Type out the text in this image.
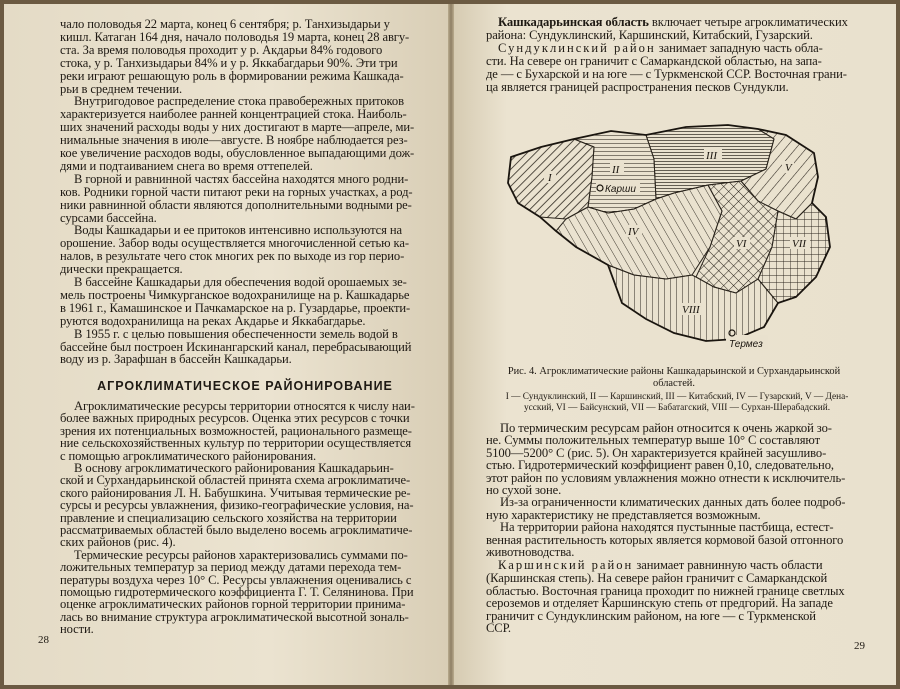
чало половодья 22 марта, конец 6 сентября; р. Танхизыдарьи у
кишл. Катаган 164 дня, начало половодья 19 марта, конец 28 авгу-
ста. За время половодья проходит у р. Акдарьи 84% годового
стока, у р. Танхизыдарьи 84% и у р. Яккабагдарьи 90%. Эти три
реки играют решающую роль в формировании режима Кашкада-
рьи в среднем течении.
Внутригодовое распределение стока правобережных притоков
характеризуется наиболее ранней концентрацией стока. Наиболь-
ших значений расходы воды у них достигают в марте—апреле, ми-
нимальные значения в июле—августе. В ноябре наблюдается рез-
кое увеличение расходов воды, обусловленное выпадающими дож-
дями и подтаиванием снега во время оттепелей.
В горной и равнинной частях бассейна находятся много родни-
ков. Родники горной части питают реки на горных участках, а род-
ники равнинной области являются дополнительными водными ре-
сурсами бассейна.
Воды Кашкадарьи и ее притоков интенсивно используются на
орошение. Забор воды осуществляется многочисленной сетью ка-
налов, в результате чего сток многих рек по выходе из гор перио-
дически прекращается.
В бассейне Кашкадарьи для обеспечения водой орошаемых зе-
мель построены Чимкурганское водохранилище на р. Кашкадарье
в 1961 г., Камашинское и Пачкамарское на р. Гузардарье, проекти-
руются водохранилища на реках Акдарье и Яккабагдарье.
В 1955 г. с целью повышения обеспеченности земель водой в
бассейне был построен Искинангарский канал, перебрасывающий
воду из р. Зарафшан в бассейн Кашкадарьи.
АГРОКЛИМАТИЧЕСКОЕ РАЙОНИРОВАНИЕ
Агроклиматические ресурсы территории относятся к числу наи-
более важных природных ресурсов. Оценка этих ресурсов с точки
зрения их потенциальных возможностей, рационального размеще-
ние сельскохозяйственных культур по территории осуществляется
с помощью агроклиматического районирования.
В основу агроклиматического районирования Кашкадарьин-
ской и Сурхандарьинской областей принята схема агроклиматиче-
ского районирования Л. Н. Бабушкина. Учитывая термические ре-
сурсы и ресурсы увлажнения, физико-географические условия, на-
правление и специализацию сельского хозяйства на территории
рассматриваемых областей было выделено восемь агроклиматиче-
ских районов (рис. 4).
Термические ресурсы районов характеризовались суммами по-
ложительных температур за период между датами перехода тем-
пературы воздуха через 10° С. Ресурсы увлажнения оценивались с
помощью гидротермического коэффициента Г. Т. Селянинова. При
оценке агроклиматических районов горной территории принима-
лась во внимание структура агроклиматической высотной зональ-
ности.
28
Кашкадарьинская область включает четыре агроклиматических
района: Сундуклинский, Каршинский, Китабский, Гузарский.
Сундуклинский район занимает западную часть обла-
сти. На севере он граничит с Самаркандской областью, на запа-
де — с Бухарской и на юге — с Туркменской ССР. Восточная грани-
ца является границей распространения песков Сундукли.
Карши
Термез
I
II
III
IV
V
VI	VII
VIII
Рис. 4. Агроклиматические районы Кашкадарьинской и Сурхандарьинской
областей.
I — Сундуклинский, II — Каршинский, III — Китабский, IV — Гузарский, V — Дена-
усский, VI — Байсунский, VII — Бабатагский, VIII — Сурхан-Шерабадский.
По термическим ресурсам район относится к очень жаркой зо-
не. Суммы положительных температур выше 10° С составляют
5100—5200° С (рис. 5). Он характеризуется крайней засушливо-
стью. Гидротермический коэффициент равен 0,10, следовательно,
этот район по условиям увлажнения можно отнести к исключитель-
но сухой зоне.
Из-за ограниченности климатических данных дать более подроб-
ную характеристику не представляется возможным.
На территории района находятся пустынные пастбища, естест-
венная растительность которых является кормовой базой отгонного
животноводства.
Каршинский район занимает равнинную часть области
(Каршинская степь). На севере район граничит с Самаркандской
областью. Восточная граница проходит по нижней границе светлых
сероземов и отделяет Каршинскую степь от предгорий. На западе
граничит с Сундуклинским районом, на юге — с Туркменской
ССР.
29
